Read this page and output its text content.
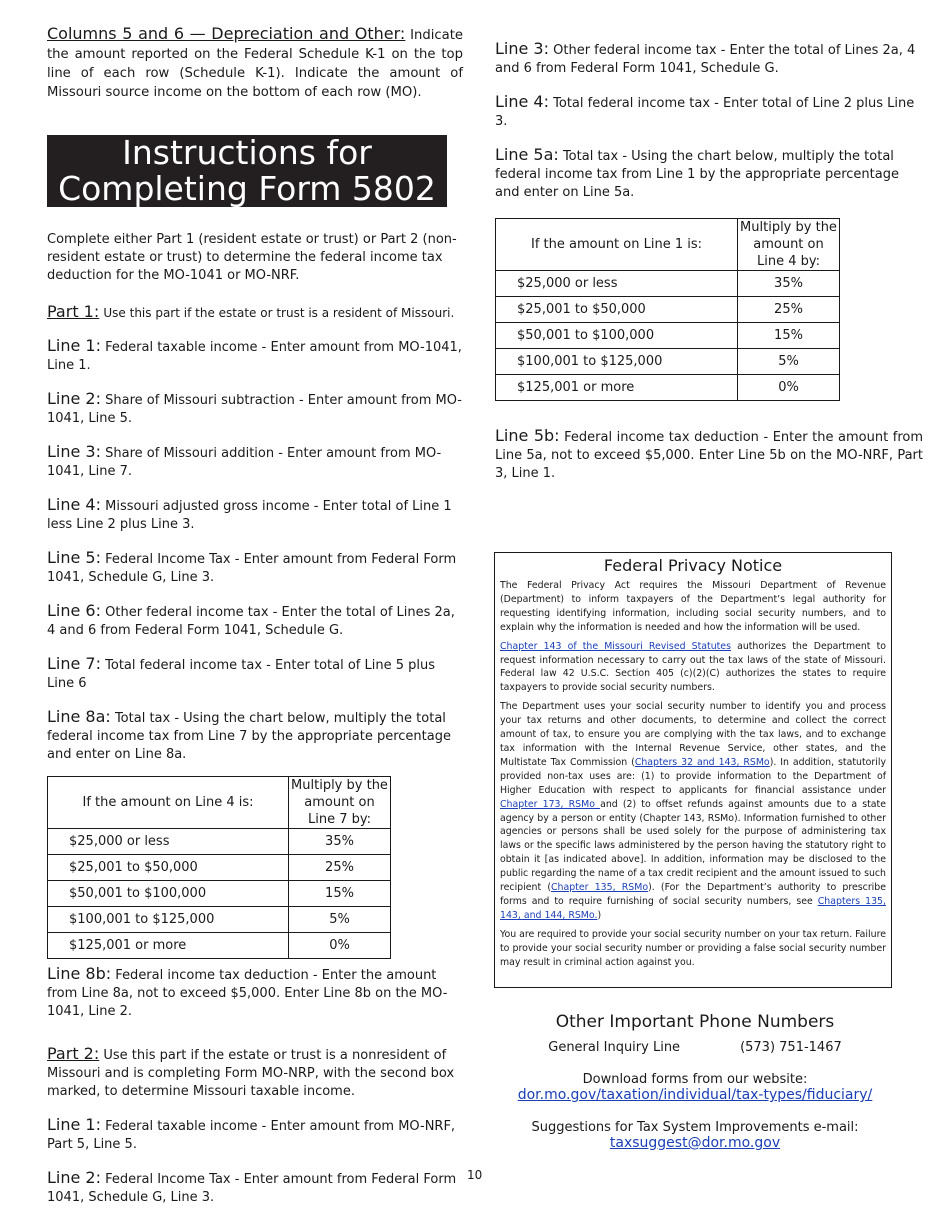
Columns 5 and 6 — Depreciation and Other: Indicate the amount reported on the Federal Schedule K-1 on the top line of each row (Schedule K-1). Indicate the amount of Missouri source income on the bottom of each row (MO).

Instructions for
Completing Form 5802

Complete either Part 1 (resident estate or trust) or Part 2 (non-resident estate or trust) to determine the federal income tax deduction for the MO-1041 or MO-NRF.

Part 1: Use this part if the estate or trust is a resident of Missouri.

Line 1: Federal taxable income - Enter amount from MO-1041, Line 1.

Line 2: Share of Missouri subtraction - Enter amount from MO-1041, Line 5.

Line 3: Share of Missouri addition - Enter amount from MO-1041, Line 7.

Line 4: Missouri adjusted gross income - Enter total of Line 1 less Line 2 plus Line 3.

Line 5: Federal Income Tax - Enter amount from Federal Form 1041, Schedule G, Line 3.

Line 6: Other federal income tax - Enter the total of Lines 2a, 4 and 6 from Federal Form 1041, Schedule G.

Line 7: Total federal income tax - Enter total of Line 5 plus Line 6

Line 8a: Total tax - Using the chart below, multiply the total federal income tax from Line 7 by the appropriate percentage and enter on Line 8a.

If the amount on Line 4 is:	Multiply by the amount on Line 7 by:
$25,000 or less	35%
$25,001 to $50,000	25%
$50,001 to $100,000	15%
$100,001 to $125,000	5%
$125,001 or more	0%

Line 8b: Federal income tax deduction - Enter the amount from Line 8a, not to exceed $5,000. Enter Line 8b on the MO-1041, Line 2.

Part 2: Use this part if the estate or trust is a nonresident of Missouri and is completing Form MO-NRP, with the second box marked, to determine Missouri taxable income.

Line 1: Federal taxable income - Enter amount from MO-NRF, Part 5, Line 5.

Line 2: Federal Income Tax - Enter amount from Federal Form 1041, Schedule G, Line 3.

Line 3: Other federal income tax - Enter the total of Lines 2a, 4 and 6 from Federal Form 1041, Schedule G.

Line 4: Total federal income tax - Enter total of Line 2 plus Line 3.

Line 5a: Total tax - Using the chart below, multiply the total federal income tax from Line 1 by the appropriate percentage and enter on Line 5a.

If the amount on Line 1 is:	Multiply by the amount on Line 4 by:
$25,000 or less	35%
$25,001 to $50,000	25%
$50,001 to $100,000	15%
$100,001 to $125,000	5%
$125,001 or more	0%

Line 5b: Federal income tax deduction - Enter the amount from Line 5a, not to exceed $5,000. Enter Line 5b on the MO-NRF, Part 3, Line 1.

Federal Privacy Notice

The Federal Privacy Act requires the Missouri Department of Revenue (Department) to inform taxpayers of the Department’s legal authority for requesting identifying information, including social security numbers, and to explain why the information is needed and how the information will be used.

Chapter 143 of the Missouri Revised Statutes authorizes the Department to request information necessary to carry out the tax laws of the state of Missouri. Federal law 42 U.S.C. Section 405 (c)(2)(C) authorizes the states to require taxpayers to provide social security numbers.

The Department uses your social security number to identify you and process your tax returns and other documents, to determine and collect the correct amount of tax, to ensure you are complying with the tax laws, and to exchange tax information with the Internal Revenue Service, other states, and the Multistate Tax Commission (Chapters 32 and 143, RSMo). In addition, statutorily provided non-tax uses are: (1) to provide information to the Department of Higher Education with respect to applicants for financial assistance under Chapter 173, RSMo and (2) to offset refunds against amounts due to a state agency by a person or entity (Chapter 143, RSMo). Information furnished to other agencies or persons shall be used solely for the purpose of administering tax laws or the specific laws administered by the person having the statutory right to obtain it [as indicated above]. In addition, information may be disclosed to the public regarding the name of a tax credit recipient and the amount issued to such recipient (Chapter 135, RSMo). (For the Department’s authority to prescribe forms and to require furnishing of social security numbers, see Chapters 135, 143, and 144, RSMo.)

You are required to provide your social security number on your tax return. Failure to provide your social security number or providing a false social security number may result in criminal action against you.

Other Important Phone Numbers
General Inquiry Line	(573) 751-1467
Download forms from our website:
dor.mo.gov/taxation/individual/tax-types/fiduciary/
Suggestions for Tax System Improvements e-mail:
taxsuggest@dor.mo.gov
10
